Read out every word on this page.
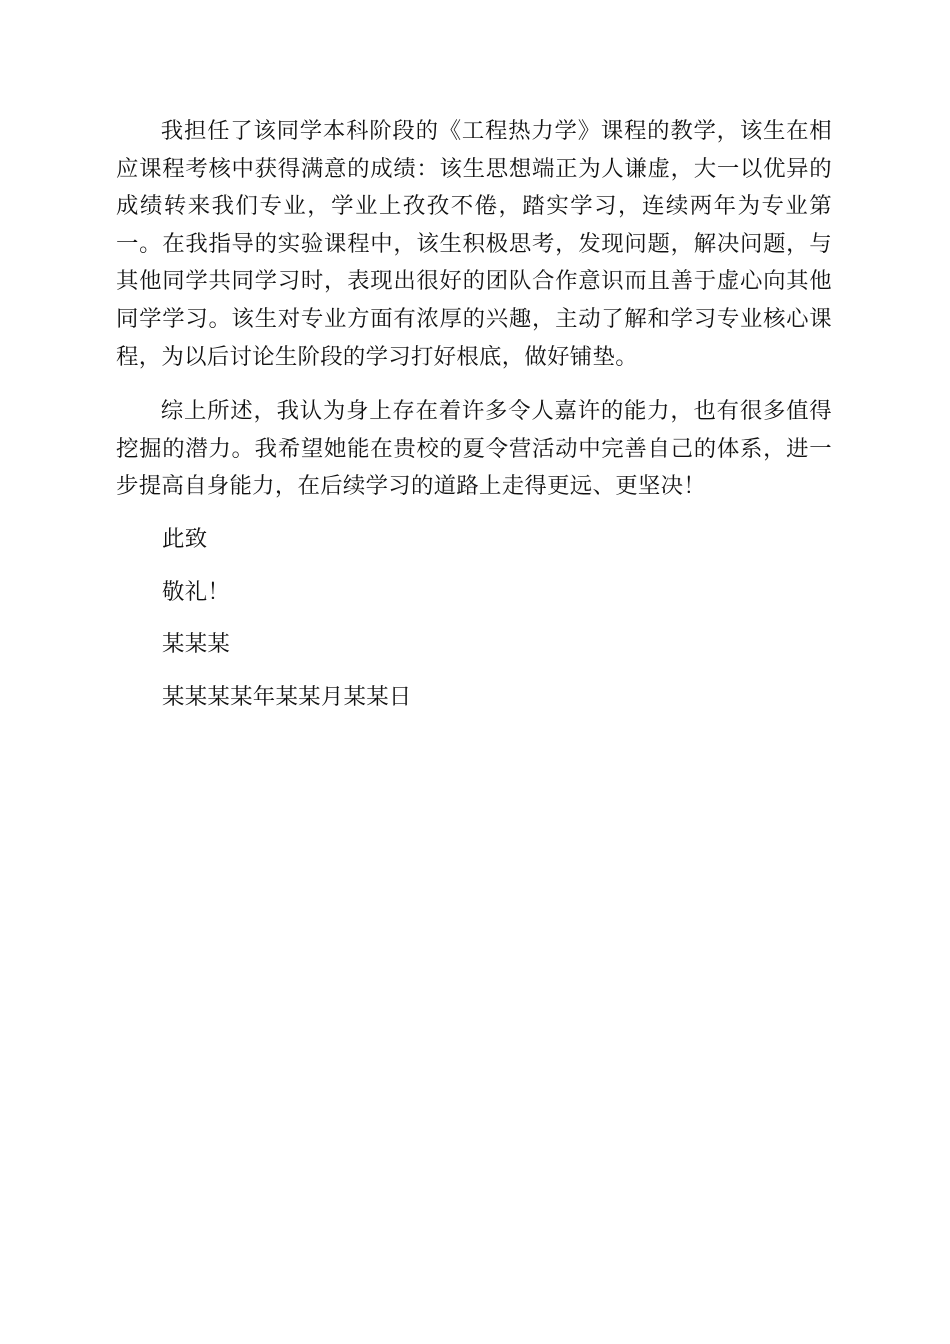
我担任了该同学本科阶段的《工程热力学》课程的教学，该生在相应课程考核中获得满意的成绩：该生思想端正为人谦虚，大一以优异的成绩转来我们专业，学业上孜孜不倦，踏实学习，连续两年为专业第一。在我指导的实验课程中，该生积极思考，发现问题，解决问题，与其他同学共同学习时，表现出很好的团队合作意识而且善于虚心向其他同学学习。该生对专业方面有浓厚的兴趣，主动了解和学习专业核心课程，为以后讨论生阶段的学习打好根底，做好铺垫。

综上所述，我认为身上存在着许多令人嘉许的能力，也有很多值得挖掘的潜力。我希望她能在贵校的夏令营活动中完善自己的体系，进一步提高自身能力，在后续学习的道路上走得更远、更坚决！

此致

敬礼！

某某某

某某某某年某某月某某日
